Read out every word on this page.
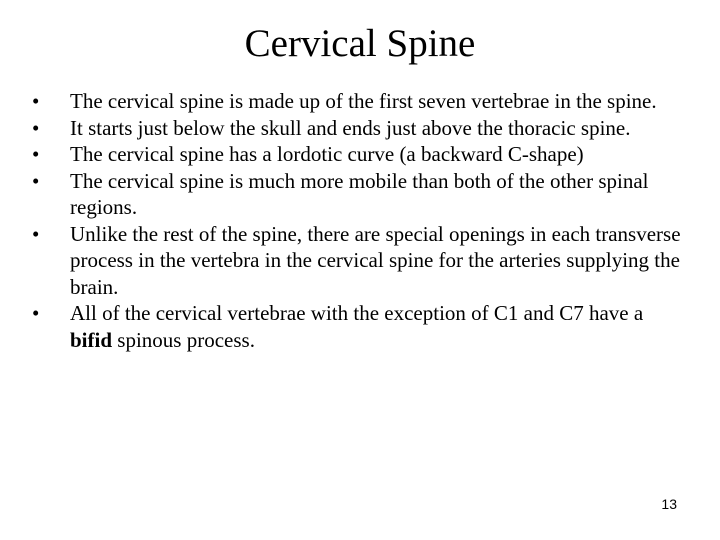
Cervical Spine
• The cervical spine is made up of the first seven vertebrae in the spine.
• It starts just below the skull and ends just above the thoracic spine.
• The cervical spine has a lordotic curve (a backward C-shape)
• The cervical spine is much more mobile than both of the other spinal regions.
• Unlike the rest of the spine, there are special openings in each transverse process in the vertebra in the cervical spine for the arteries supplying the brain.
• All of the cervical vertebrae with the exception of C1 and C7 have a bifid spinous process.
13
